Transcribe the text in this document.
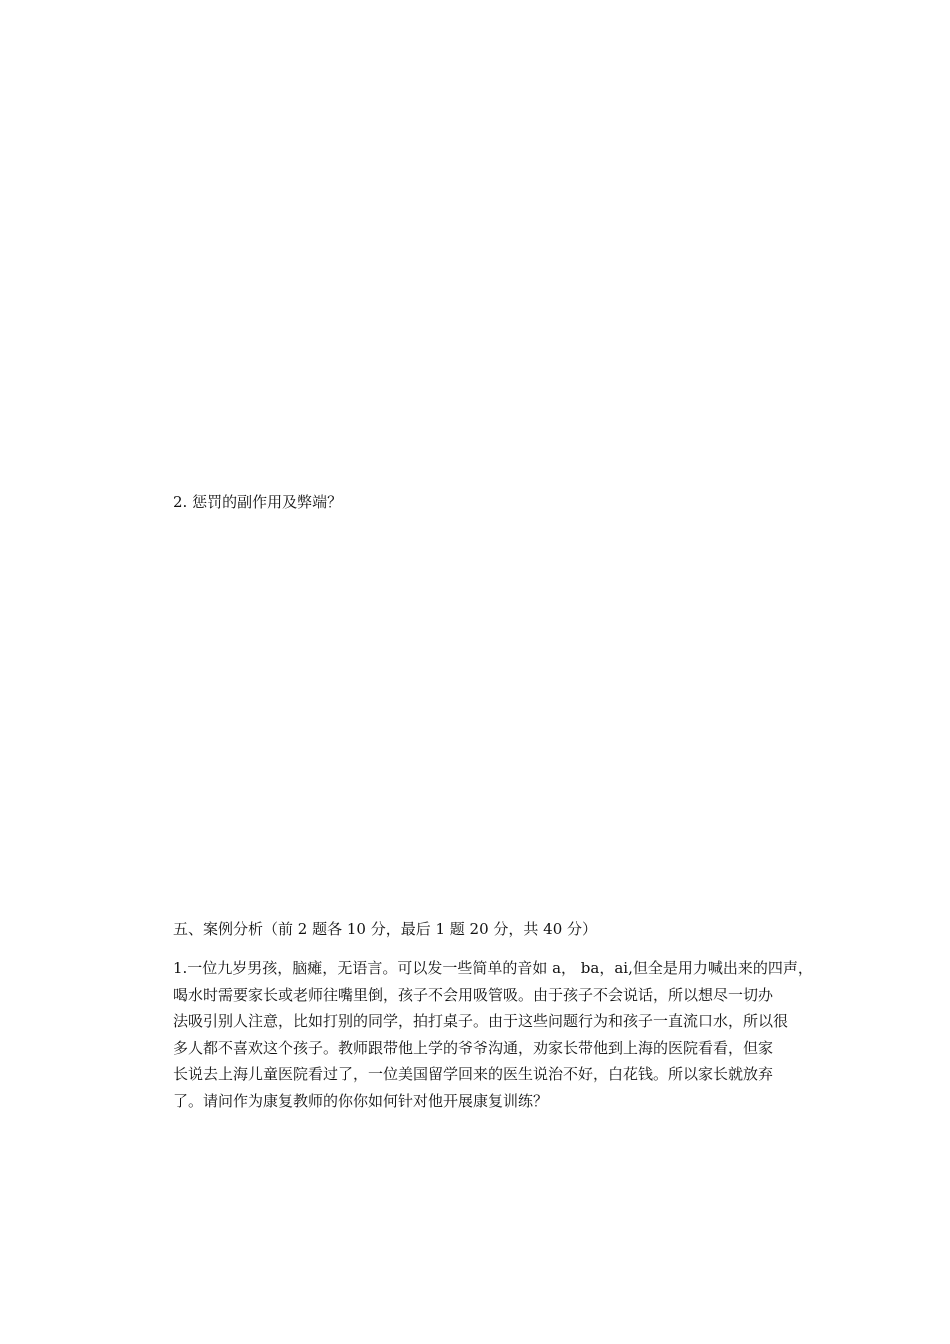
2. 惩罚的副作用及弊端？
五、案例分析（前 2 题各 10 分，最后 1 题 20 分，共 40 分）
1.一位九岁男孩，脑瘫，无语言。可以发一些简单的音如 a， ba，ai,但全是用力喊出来的四声，
喝水时需要家长或老师往嘴里倒，孩子不会用吸管吸。由于孩子不会说话，所以想尽一切办
法吸引别人注意，比如打别的同学，拍打桌子。由于这些问题行为和孩子一直流口水，所以很
多人都不喜欢这个孩子。教师跟带他上学的爷爷沟通，劝家长带他到上海的医院看看，但家
长说去上海儿童医院看过了，一位美国留学回来的医生说治不好，白花钱。所以家长就放弃
了。请问作为康复教师的你你如何针对他开展康复训练？
